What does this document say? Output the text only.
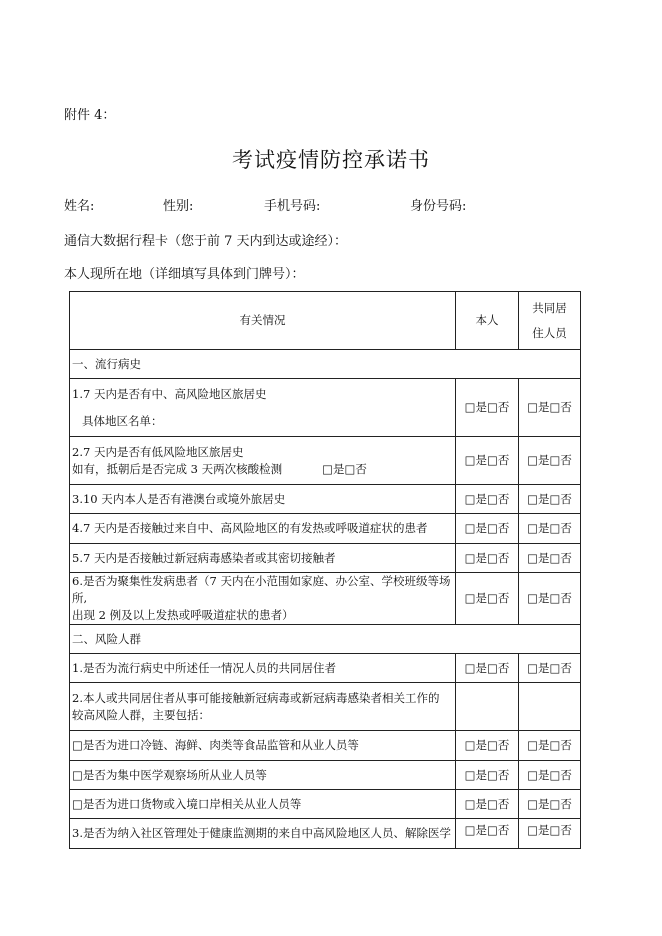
附件 4：
考试疫情防控承诺书
姓名:	性别:	手机号码:	身份号码:
通信大数据行程卡（您于前 7 天内到达或途经）：
本人现所在地（详细填写具体到门牌号）：
有关情况	本人	共同居
住人员
一、流行病史		
1.7 天内是否有中、高风险地区旅居史
具体地区名单：	□是□否	□是□否
2.7 天内是否有低风险地区旅居史
如有，抵朝后是否完成 3 天两次核酸检测 □是□否	□是□否	□是□否
3.10 天内本人是否有港澳台或境外旅居史	□是□否	□是□否
4.7 天内是否接触过来自中、高风险地区的有发热或呼吸道症状的患者	□是□否	□是□否
5.7 天内是否接触过新冠病毒感染者或其密切接触者	□是□否	□是□否
6.是否为聚集性发病患者（7 天内在小范围如家庭、办公室、学校班级等场所,
出现 2 例及以上发热或呼吸道症状的患者）	□是□否	□是□否
二、风险人群		
1.是否为流行病史中所述任一情况人员的共同居住者	□是□否	□是□否
2.本人或共同居住者从事可能接触新冠病毒或新冠病毒感染者相关工作的
较高风险人群，主要包括：		
□是否为进口冷链、海鲜、肉类等食品监管和从业人员等	□是□否	□是□否
□是否为集中医学观察场所从业人员等	□是□否	□是□否
□是否为进口货物或入境口岸相关从业人员等	□是□否	□是□否
3.是否为纳入社区管理处于健康监测期的来自中高风险地区人员、解除医学	□是□否	□是□否
